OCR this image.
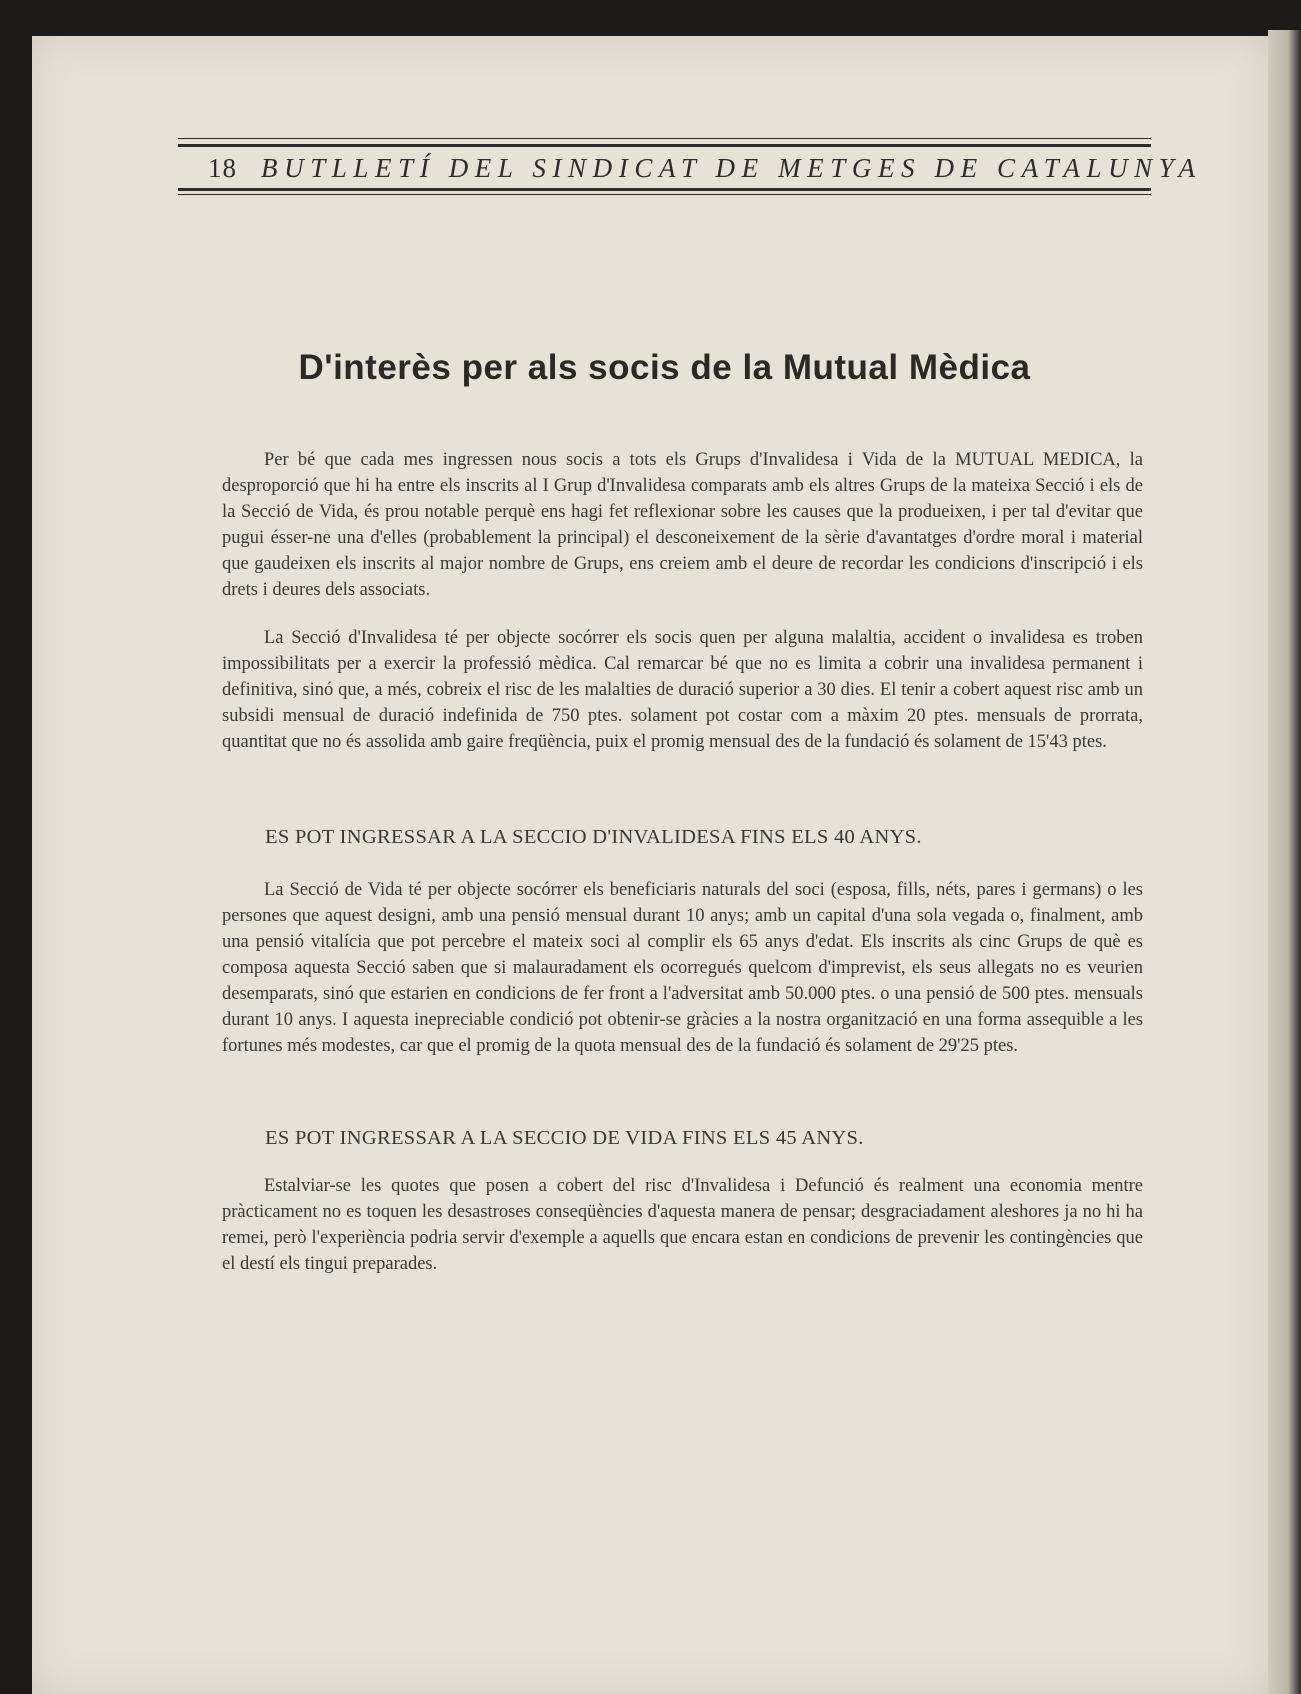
18 BUTLLETÍ DEL SINDICAT DE METGES DE CATALUNYA
D'interès per als socis de la Mutual Mèdica

Per bé que cada mes ingressen nous socis a tots els Grups d'Invalidesa i Vida de la MUTUAL MEDICA, la desproporció que hi ha entre els inscrits al I Grup d'Invalidesa comparats amb els altres Grups de la mateixa Secció i els de la Secció de Vida, és prou notable perquè ens hagi fet reflexionar sobre les causes que la produeixen, i per tal d'evitar que pugui ésser-ne una d'elles (probablement la principal) el desconeixement de la sèrie d'avantatges d'ordre moral i material que gaudeixen els inscrits al major nombre de Grups, ens creiem amb el deure de recordar les condicions d'inscripció i els drets i deures dels associats.

La Secció d'Invalidesa té per objecte socórrer els socis quen per alguna malaltia, accident o invalidesa es troben impossibilitats per a exercir la professió mèdica. Cal remarcar bé que no es limita a cobrir una invalidesa permanent i definitiva, sinó que, a més, cobreix el risc de les malalties de duració superior a 30 dies. El tenir a cobert aquest risc amb un subsidi mensual de duració indefinida de 750 ptes. solament pot costar com a màxim 20 ptes. mensuals de prorrata, quantitat que no és assolida amb gaire freqüència, puix el promig mensual des de la fundació és solament de 15'43 ptes.

ES POT INGRESSAR A LA SECCIO D'INVALIDESA FINS ELS 40 ANYS.

La Secció de Vida té per objecte socórrer els beneficiaris naturals del soci (esposa, fills, néts, pares i germans) o les persones que aquest designi, amb una pensió mensual durant 10 anys; amb un capital d'una sola vegada o, finalment, amb una pensió vitalícia que pot percebre el mateix soci al complir els 65 anys d'edat. Els inscrits als cinc Grups de què es composa aquesta Secció saben que si malauradament els ocorregués quelcom d'imprevist, els seus allegats no es veurien desemparats, sinó que estarien en condicions de fer front a l'adversitat amb 50.000 ptes. o una pensió de 500 ptes. mensuals durant 10 anys. I aquesta inepreciable condició pot obtenir-se gràcies a la nostra organització en una forma assequible a les fortunes més modestes, car que el promig de la quota mensual des de la fundació és solament de 29'25 ptes.

ES POT INGRESSAR A LA SECCIO DE VIDA FINS ELS 45 ANYS.

Estalviar-se les quotes que posen a cobert del risc d'Invalidesa i Defunció és realment una economia mentre pràcticament no es toquen les desastroses conseqüències d'aquesta manera de pensar; desgraciadament aleshores ja no hi ha remei, però l'experiència podria servir d'exemple a aquells que encara estan en condicions de prevenir les contingències que el destí els tingui preparades.
